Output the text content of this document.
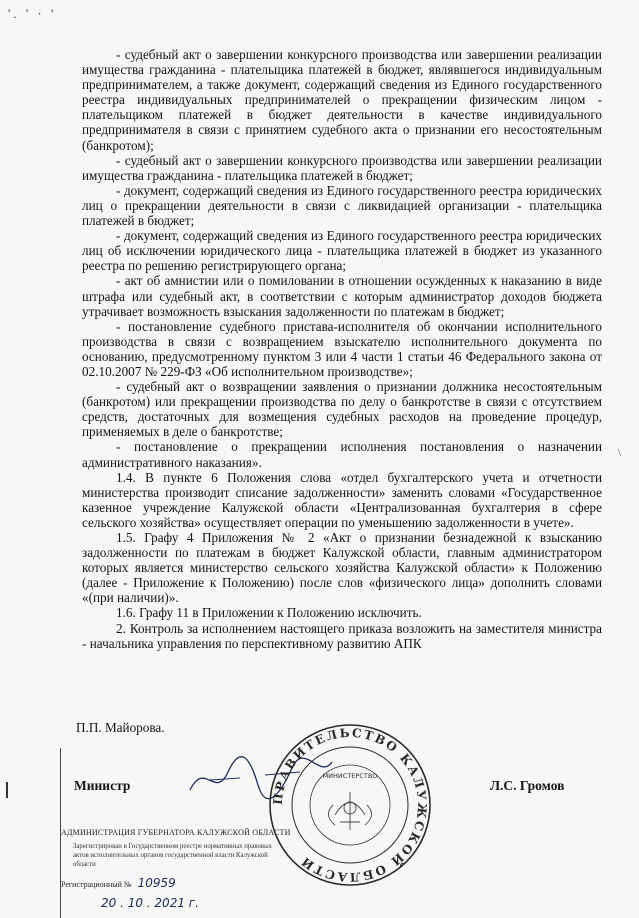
'. ' · '

- судебный акт о завершении конкурсного производства или завершении реализации имущества гражданина - плательщика платежей в бюджет, являвшегося индивидуальным предпринимателем, а также документ, содержащий сведения из Единого государственного реестра индивидуальных предпринимателей о прекращении физическим лицом - плательщиком платежей в бюджет деятельности в качестве индивидуального предпринимателя в связи с принятием судебного акта о признании его несостоятельным (банкротом);

- судебный акт о завершении конкурсного производства или завершении реализации имущества гражданина - плательщика платежей в бюджет;

- документ, содержащий сведения из Единого государственного реестра юридических лиц о прекращении деятельности в связи с ликвидацией организации - плательщика платежей в бюджет;

- документ, содержащий сведения из Единого государственного реестра юридических лиц об исключении юридического лица - плательщика платежей в бюджет из указанного реестра по решению регистрирующего органа;

- акт об амнистии или о помиловании в отношении осужденных к наказанию в виде штрафа или судебный акт, в соответствии с которым администратор доходов бюджета утрачивает возможность взыскания задолженности по платежам в бюджет;

- постановление судебного пристава-исполнителя об окончании исполнительного производства в связи с возвращением взыскателю исполнительного документа по основанию, предусмотренному пунктом 3 или 4 части 1 статьи 46 Федерального закона от 02.10.2007 № 229-ФЗ «Об исполнительном производстве»;

- судебный акт о возвращении заявления о признании должника несостоятельным (банкротом) или прекращении производства по делу о банкротстве в связи с отсутствием средств, достаточных для возмещения судебных расходов на проведение процедур, применяемых в деле о банкротстве;

- постановление о прекращении исполнения постановления о назначении административного наказания».

1.4. В пункте 6 Положения слова «отдел бухгалтерского учета и отчетности министерства производит списание задолженности» заменить словами «Государственное казенное учреждение Калужской области «Централизованная бухгалтерия в сфере сельского хозяйства» осуществляет операции по уменьшению задолженности в учете».

1.5. Графу 4 Приложения № 2 «Акт о признании безнадежной к взысканию задолженности по платежам в бюджет Калужской области, главным администратором которых является министерство сельского хозяйства Калужской области» к Положению (далее - Приложение к Положению) после слов «физического лица» дополнить словами «(при наличии)».

1.6. Графу 11 в Приложении к Положению исключить.

2. Контроль за исполнением настоящего приказа возложить на заместителя министра - начальника управления по перспективному развитию АПК

П.П. Майорова.
АДМИНИСТРАЦИЯ ГУБЕРНАТОРА КАЛУЖСКОЙ ОБЛАСТИ
Зарегистрирован в Государственном реестре нормативных правовых актов исполнительных органов государственной власти Калужской области
Регистрационный № 10959
20 . 10 . 2021 г.
Министр
ПРАВИТЕЛЬСТВО КАЛУЖСКОЙ ОБЛАСТИ
МИНИСТЕРСТВО
Л.С. Громов
\
